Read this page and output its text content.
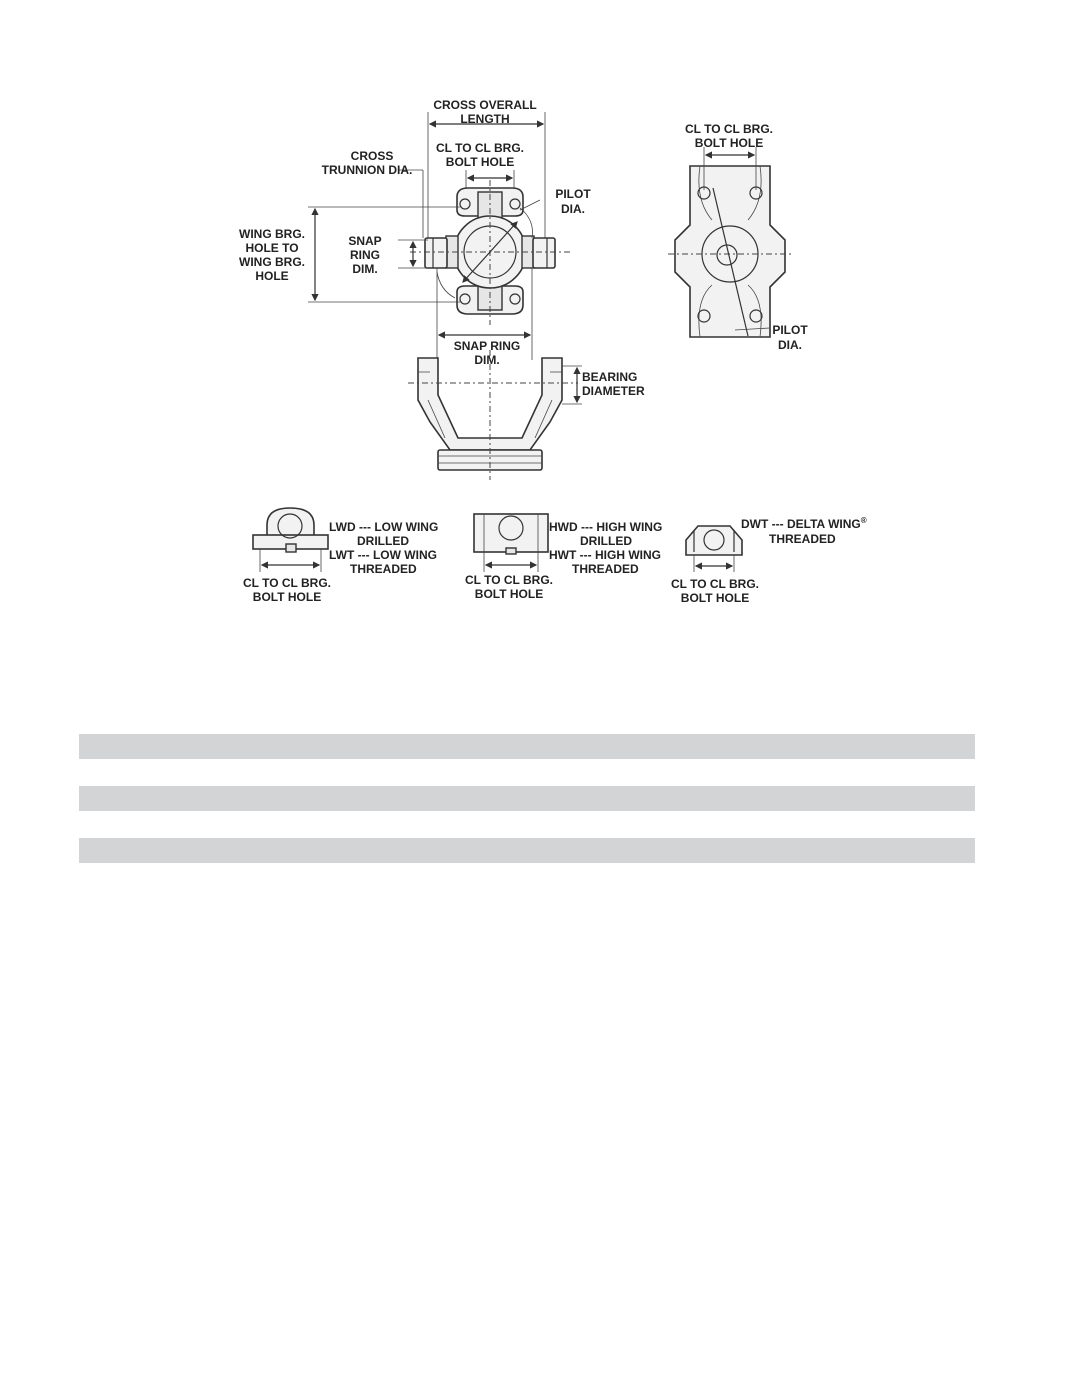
CROSS OVERALL
LENGTH
CROSS
TRUNNION DIA.
CL TO CL BRG.
BOLT HOLE
PILOT
DIA.
WING BRG.
HOLE TO
WING BRG.
HOLE
SNAP
RING
DIM.
SNAP RING
DIM.
BEARING
DIAMETER
CL TO CL BRG.
BOLT HOLE
PILOT
DIA.
LWD --- LOW WING
DRILLED
LWT --- LOW WING
THREADED
CL TO CL BRG.
BOLT HOLE
HWD --- HIGH WING
DRILLED
HWT --- HIGH WING
THREADED
CL TO CL BRG.
BOLT HOLE
DWT --- DELTA WING®
THREADED
CL TO CL BRG.
BOLT HOLE
